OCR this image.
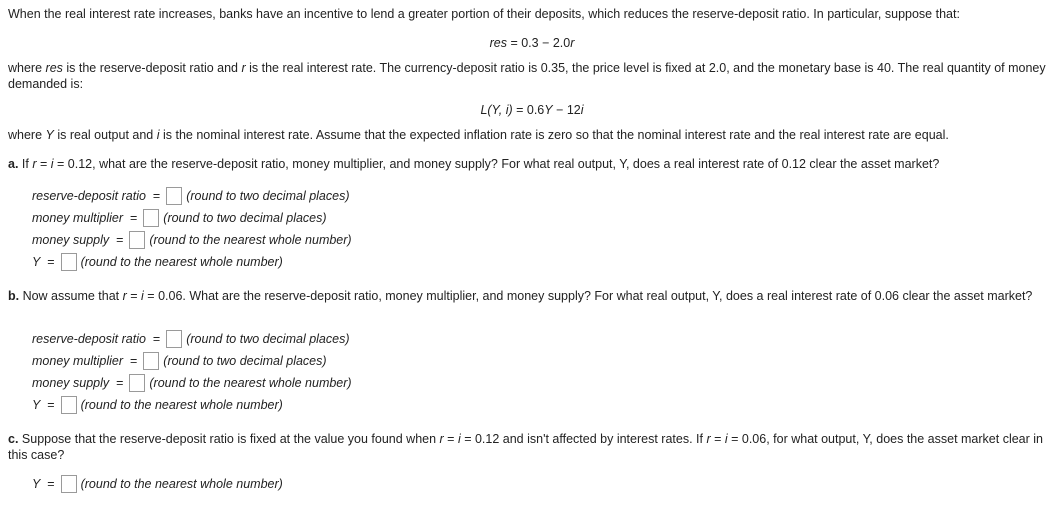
When the real interest rate increases, banks have an incentive to lend a greater portion of their deposits, which reduces the reserve-deposit ratio. In particular, suppose that:

res = 0.3 − 2.0r

where res is the reserve-deposit ratio and r is the real interest rate. The currency-deposit ratio is 0.35, the price level is fixed at 2.0, and the monetary base is 40. The real quantity of money demanded is:

L(Y, i) = 0.6Y − 12i

where Y is real output and i is the nominal interest rate. Assume that the expected inflation rate is zero so that the nominal interest rate and the real interest rate are equal.

a. If r = i = 0.12, what are the reserve-deposit ratio, money multiplier, and money supply? For what real output, Y, does a real interest rate of 0.12 clear the asset market?

reserve-deposit ratio
= (round to two decimal places)
money multiplier
= (round to two decimal places)
money supply
= (round to the nearest whole number)
Y
= (round to the nearest whole number)

b. Now assume that r = i = 0.06. What are the reserve-deposit ratio, money multiplier, and money supply? For what real output, Y, does a real interest rate of 0.06 clear the asset market?

reserve-deposit ratio
= (round to two decimal places)
money multiplier
= (round to two decimal places)
money supply
= (round to the nearest whole number)
Y
= (round to the nearest whole number)

c. Suppose that the reserve-deposit ratio is fixed at the value you found when r = i = 0.12 and isn't affected by interest rates. If r = i = 0.06, for what output, Y, does the asset market clear in this case?

Y
= (round to the nearest whole number)
